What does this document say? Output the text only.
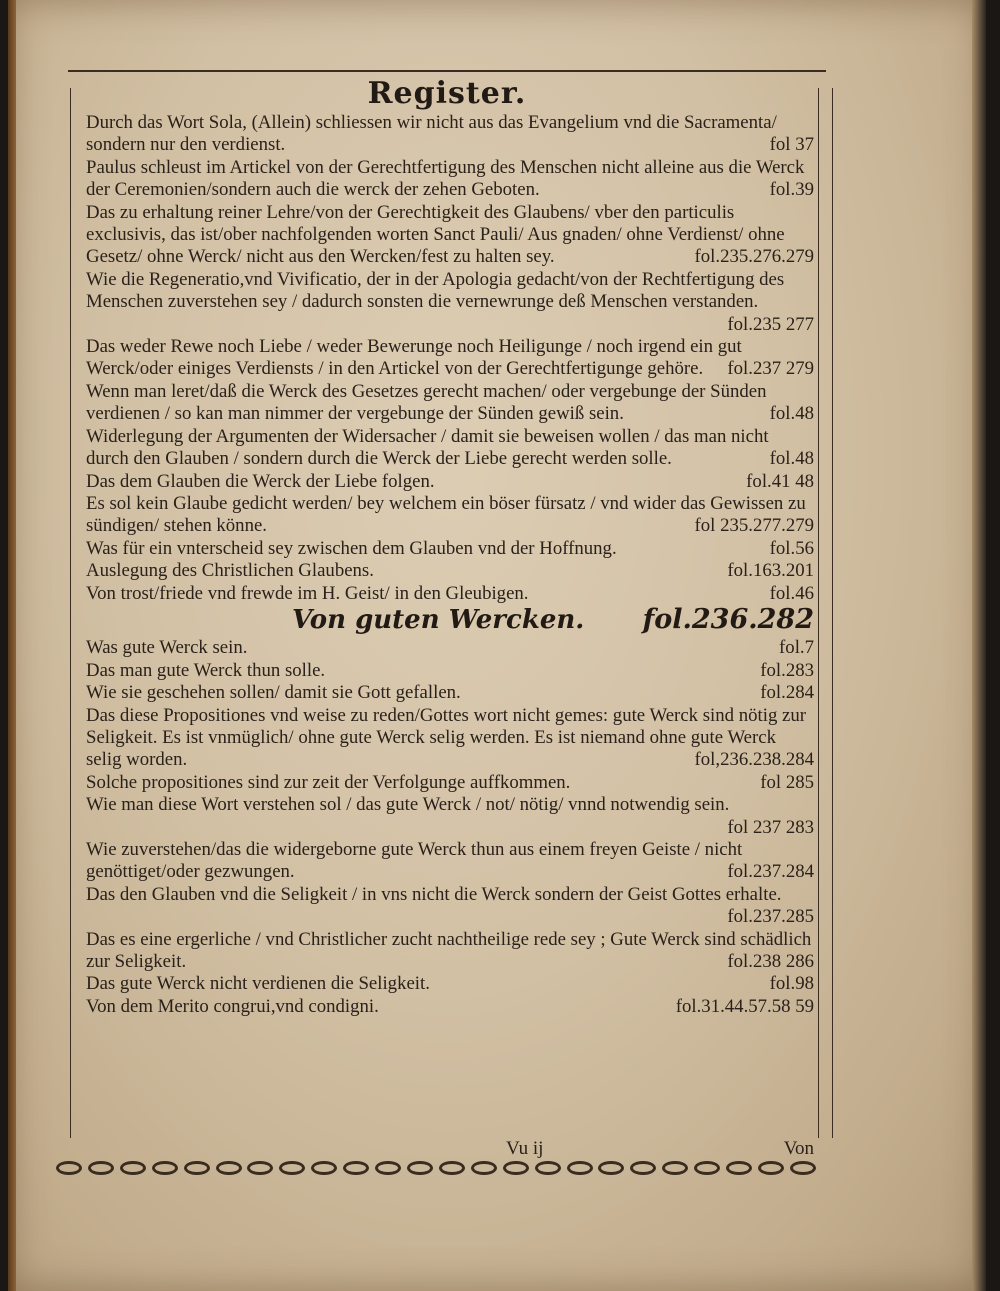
Register.
Durch das Wort Sola, (Allein) schliessen wir nicht aus das Evangelium vnd die Sacramenta/ sondern nur den verdienst.	fol 37
Paulus schleust im Artickel von der Gerechtfertigung des Menschen nicht alleine aus die Werck der Ceremonien/sondern auch die werck der zehen Geboten.	fol.39
Das zu erhaltung reiner Lehre/von der Gerechtigkeit des Glaubens/ vber den particulis exclusivis, das ist/ober nachfolgenden worten Sanct Pauli/ Aus gnaden/ ohne Verdienst/ ohne Gesetz/ ohne Werck/ nicht aus den Wercken/fest zu halten sey.	fol.235.276.279
Wie die Regeneratio,vnd Vivificatio, der in der Apologia gedacht/von der Rechtfertigung des Menschen zuverstehen sey / dadurch sonsten die vernewrunge deß Menschen verstanden.
fol.235 277
Das weder Rewe noch Liebe / weder Bewerunge noch Heiligunge / noch irgend ein gut Werck/oder einiges Verdiensts / in den Artickel von der Gerechtfertigunge gehöre.	fol.237 279
Wenn man leret/daß die Werck des Gesetzes gerecht machen/ oder vergebunge der Sünden verdienen / so kan man nimmer der vergebunge der Sünden gewiß sein.	fol.48
Widerlegung der Argumenten der Widersacher / damit sie beweisen wollen / das man nicht durch den Glauben / sondern durch die Werck der Liebe gerecht werden solle.	fol.48
Das dem Glauben die Werck der Liebe folgen.	fol.41 48
Es sol kein Glaube gedicht werden/ bey welchem ein böser fürsatz / vnd wider das Gewissen zu sündigen/ stehen könne.	fol 235.277.279
Was für ein vnterscheid sey zwischen dem Glauben vnd der Hoffnung.	fol.56
Auslegung des Christlichen Glaubens.	fol.163.201
Von trost/friede vnd frewde im H. Geist/ in den Gleubigen.	fol.46
Von guten Wercken. fol.236.282
Was gute Werck sein.	fol.7
Das man gute Werck thun solle.	fol.283
Wie sie geschehen sollen/ damit sie Gott gefallen.	fol.284
Das diese Propositiones vnd weise zu reden/Gottes wort nicht gemes: gute Werck sind nötig zur Seligkeit. Es ist vnmüglich/ ohne gute Werck selig werden. Es ist niemand ohne gute Werck selig worden.	fol,236.238.284
Solche propositiones sind zur zeit der Verfolgunge auffkommen.	fol 285
Wie man diese Wort verstehen sol / das gute Werck / not/ nötig/ vnnd notwendig sein.
fol 237 283
Wie zuverstehen/das die widergeborne gute Werck thun aus einem freyen Geiste / nicht genöttiget/oder gezwungen.	fol.237.284
Das den Glauben vnd die Seligkeit / in vns nicht die Werck sondern der Geist Gottes erhalte.
fol.237.285
Das es eine ergerliche / vnd Christlicher zucht nachtheilige rede sey ; Gute Werck sind schädlich zur Seligkeit.	fol.238 286
Das gute Werck nicht verdienen die Seligkeit.	fol.98
Von dem Merito congrui,vnd condigni.	fol.31.44.57.58 59
Vu ij	Von
